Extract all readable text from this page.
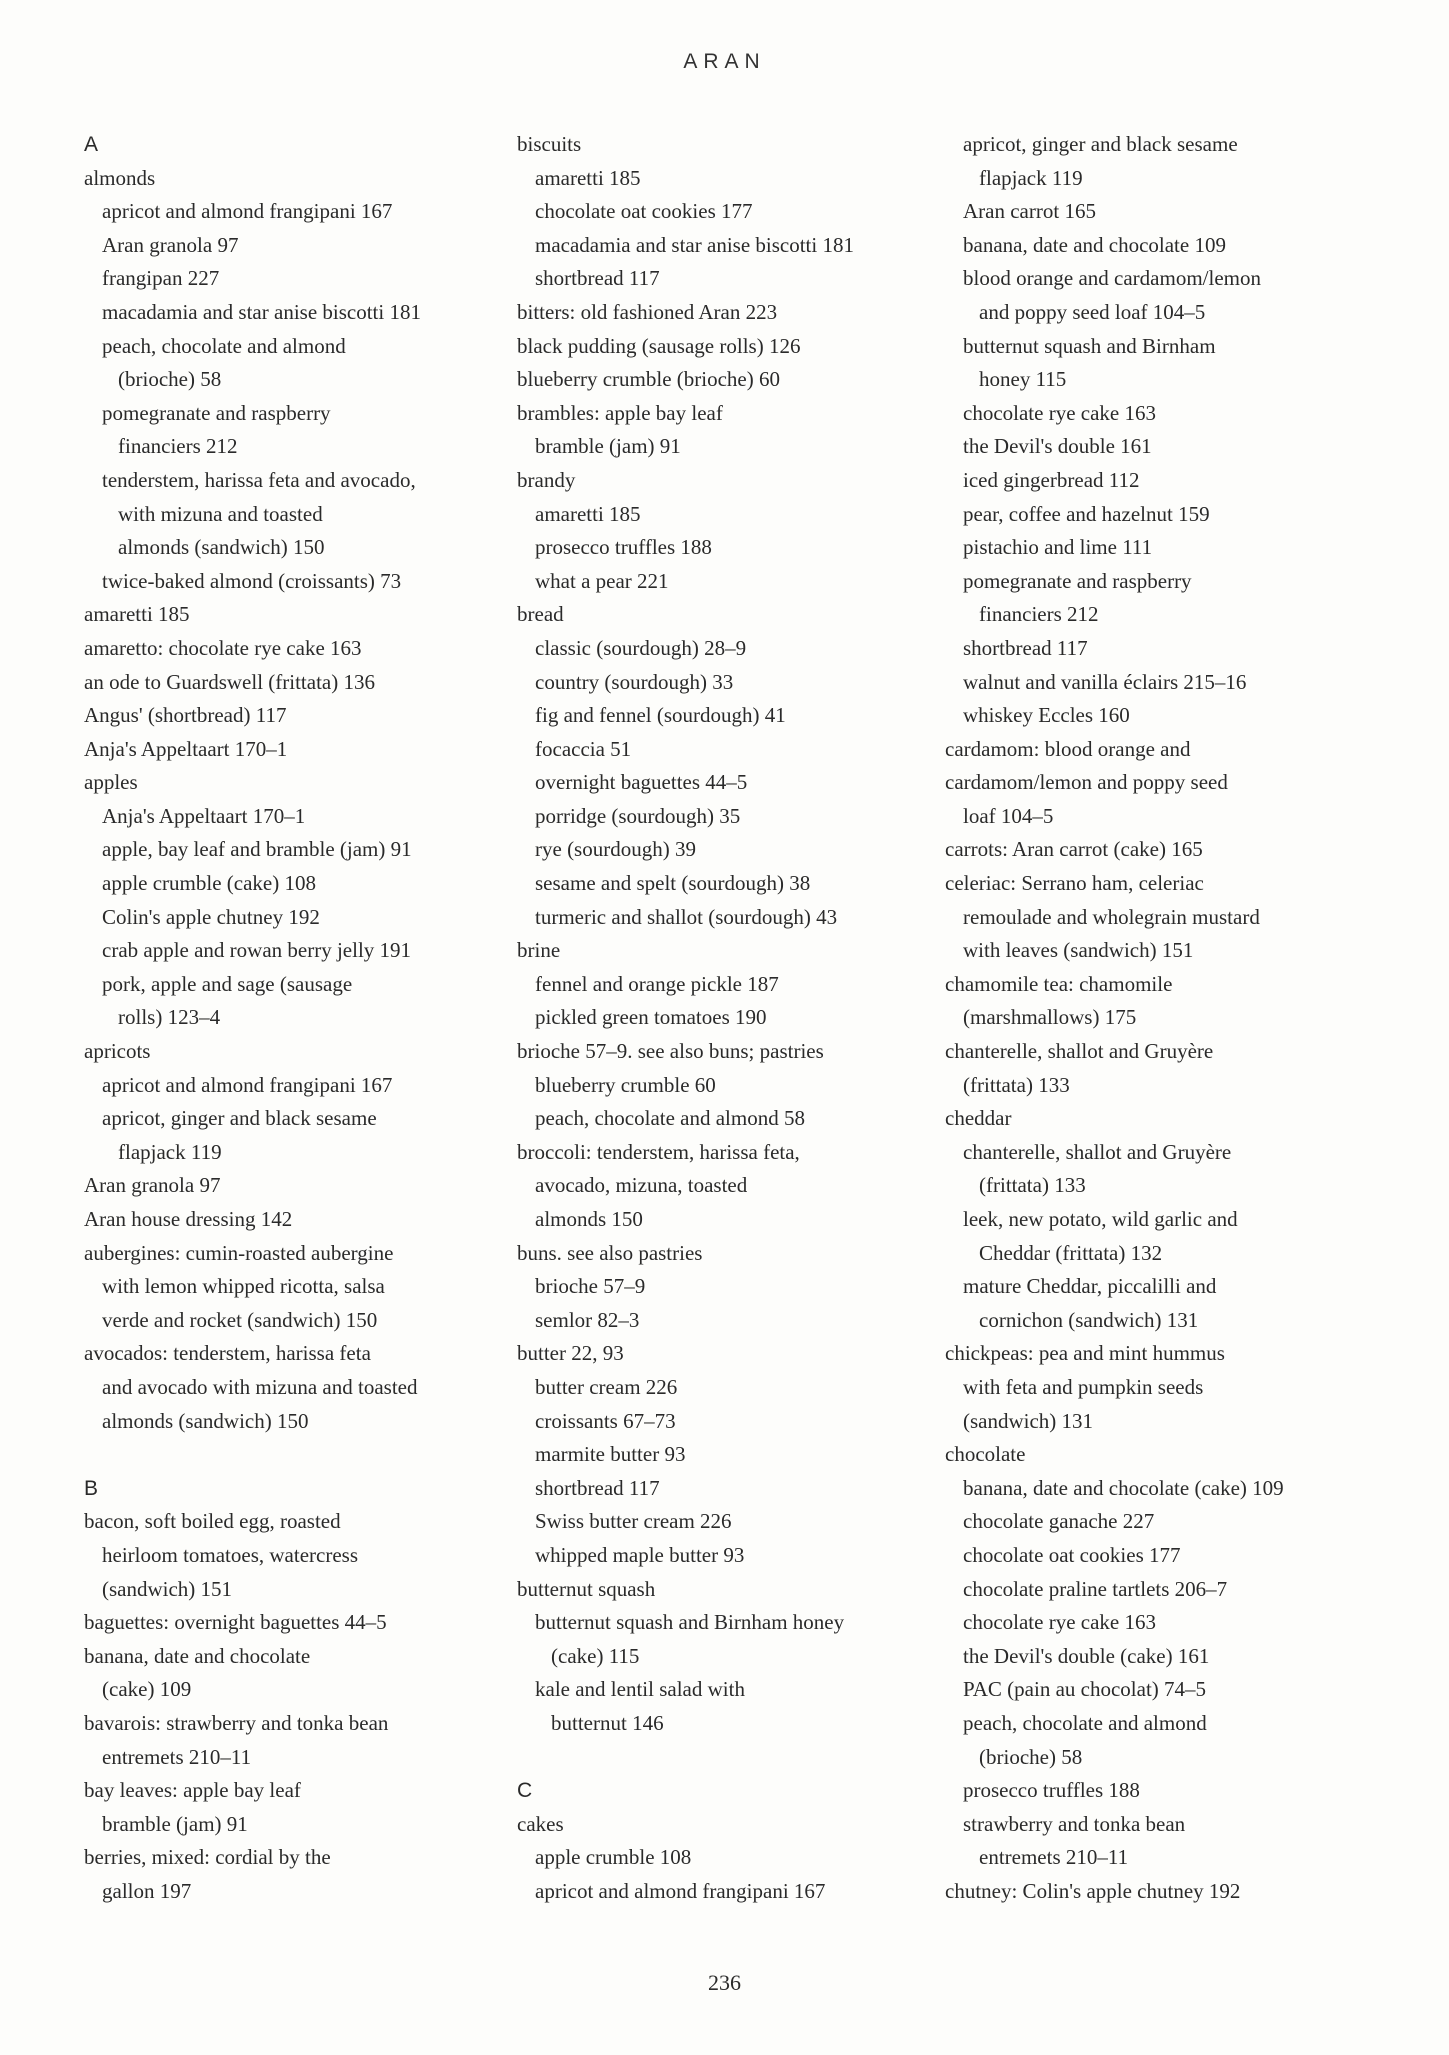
ARAN
A
almonds
apricot and almond frangipani 167
Aran granola 97
frangipan 227
macadamia and star anise biscotti 181
peach, chocolate and almond
(brioche) 58
pomegranate and raspberry
financiers 212
tenderstem, harissa feta and avocado,
with mizuna and toasted
almonds (sandwich) 150
twice-baked almond (croissants) 73
amaretti 185
amaretto: chocolate rye cake 163
an ode to Guardswell (frittata) 136
Angus' (shortbread) 117
Anja's Appeltaart 170–1
apples
Anja's Appeltaart 170–1
apple, bay leaf and bramble (jam) 91
apple crumble (cake) 108
Colin's apple chutney 192
crab apple and rowan berry jelly 191
pork, apple and sage (sausage
rolls) 123–4
apricots
apricot and almond frangipani 167
apricot, ginger and black sesame
flapjack 119
Aran granola 97
Aran house dressing 142
aubergines: cumin-roasted aubergine
with lemon whipped ricotta, salsa
verde and rocket (sandwich) 150
avocados: tenderstem, harissa feta
and avocado with mizuna and toasted
almonds (sandwich) 150
B
bacon, soft boiled egg, roasted
heirloom tomatoes, watercress
(sandwich) 151
baguettes: overnight baguettes 44–5
banana, date and chocolate
(cake) 109
bavarois: strawberry and tonka bean
entremets 210–11
bay leaves: apple bay leaf
bramble (jam) 91
berries, mixed: cordial by the
gallon 197
biscuits
amaretti 185
chocolate oat cookies 177
macadamia and star anise biscotti 181
shortbread 117
bitters: old fashioned Aran 223
black pudding (sausage rolls) 126
blueberry crumble (brioche) 60
brambles: apple bay leaf
bramble (jam) 91
brandy
amaretti 185
prosecco truffles 188
what a pear 221
bread
classic (sourdough) 28–9
country (sourdough) 33
fig and fennel (sourdough) 41
focaccia 51
overnight baguettes 44–5
porridge (sourdough) 35
rye (sourdough) 39
sesame and spelt (sourdough) 38
turmeric and shallot (sourdough) 43
brine
fennel and orange pickle 187
pickled green tomatoes 190
brioche 57–9. see also buns; pastries
blueberry crumble 60
peach, chocolate and almond 58
broccoli: tenderstem, harissa feta,
avocado, mizuna, toasted
almonds 150
buns. see also pastries
brioche 57–9
semlor 82–3
butter 22, 93
butter cream 226
croissants 67–73
marmite butter 93
shortbread 117
Swiss butter cream 226
whipped maple butter 93
butternut squash
butternut squash and Birnham honey
(cake) 115
kale and lentil salad with
butternut 146
C
cakes
apple crumble 108
apricot and almond frangipani 167
apricot, ginger and black sesame
flapjack 119
Aran carrot 165
banana, date and chocolate 109
blood orange and cardamom/lemon
and poppy seed loaf 104–5
butternut squash and Birnham
honey 115
chocolate rye cake 163
the Devil's double 161
iced gingerbread 112
pear, coffee and hazelnut 159
pistachio and lime 111
pomegranate and raspberry
financiers 212
shortbread 117
walnut and vanilla éclairs 215–16
whiskey Eccles 160
cardamom: blood orange and
cardamom/lemon and poppy seed
loaf 104–5
carrots: Aran carrot (cake) 165
celeriac: Serrano ham, celeriac
remoulade and wholegrain mustard
with leaves (sandwich) 151
chamomile tea: chamomile
(marshmallows) 175
chanterelle, shallot and Gruyère
(frittata) 133
cheddar
chanterelle, shallot and Gruyère
(frittata) 133
leek, new potato, wild garlic and
Cheddar (frittata) 132
mature Cheddar, piccalilli and
cornichon (sandwich) 131
chickpeas: pea and mint hummus
with feta and pumpkin seeds
(sandwich) 131
chocolate
banana, date and chocolate (cake) 109
chocolate ganache 227
chocolate oat cookies 177
chocolate praline tartlets 206–7
chocolate rye cake 163
the Devil's double (cake) 161
PAC (pain au chocolat) 74–5
peach, chocolate and almond
(brioche) 58
prosecco truffles 188
strawberry and tonka bean
entremets 210–11
chutney: Colin's apple chutney 192
236
